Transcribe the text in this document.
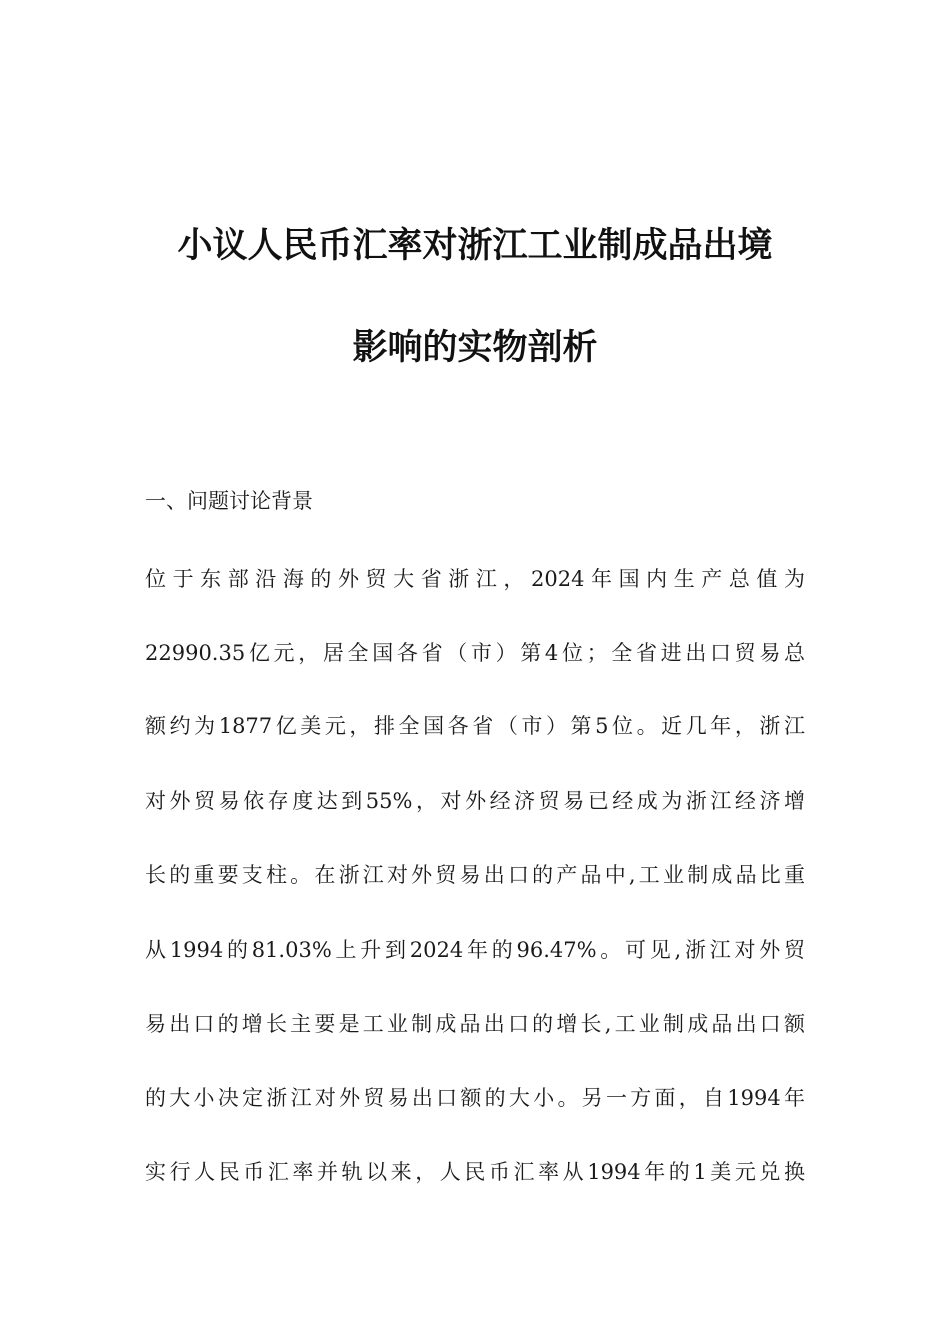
小议人民币汇率对浙江工业制成品出境
影响的实物剖析
一、问题讨论背景
位于东部沿海的外贸大省浙江，2024年国内生产总值为
22990.35亿元，居全国各省（市）第4位；全省进出口贸易总
额约为1877亿美元，排全国各省（市）第5位。近几年，浙江
对外贸易依存度达到55%，对外经济贸易已经成为浙江经济增
长的重要支柱。在浙江对外贸易出口的产品中,工业制成品比重
从1994的81.03%上升到2024年的96.47%。可见,浙江对外贸
易出口的增长主要是工业制成品出口的增长,工业制成品出口额
的大小决定浙江对外贸易出口额的大小。另一方面，自1994年
实行人民币汇率并轨以来，人民币汇率从1994年的1美元兑换
